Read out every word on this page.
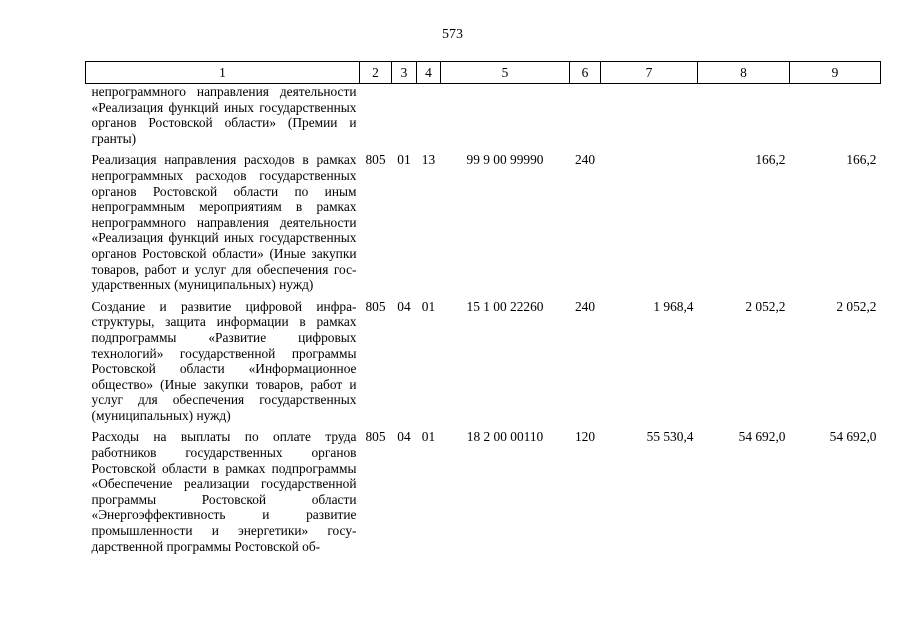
573
1	2	3	4	5	6	7	8	9
непрограммного направления деятельности «Реализация функций иных государственных органов Ростовской области» (Премии и гранты)								
Реализация направления расходов в рамках непрограммных расходов государственных органов Ростовской области по иным непрограммным мероприятиям в рамках непрограммного направления деятельности «Реализация функций иных государственных органов Ростовской области» (Иные закупки товаров, работ и услуг для обеспечения государственных (муниципальных) нужд)	805	01	13	99 9 00 99990	240		166,2	166,2
Создание и развитие цифровой инфраструктуры, защита информации в рамках подпрограммы «Развитие цифровых технологий» государственной программы Ростовской области «Информационное общество» (Иные закупки товаров, работ и услуг для обеспечения государственных (муниципальных) нужд)	805	04	01	15 1 00 22260	240	1 968,4	2 052,2	2 052,2
Расходы на выплаты по оплате труда работников государственных органов Ростовской области в рамках подпрограммы «Обеспечение реализации государственной программы Ростовской области «Энергоэффективность и развитие промышленности и энергетики» государственной программы Ростовской об-	805	04	01	18 2 00 00110	120	55 530,4	54 692,0	54 692,0
